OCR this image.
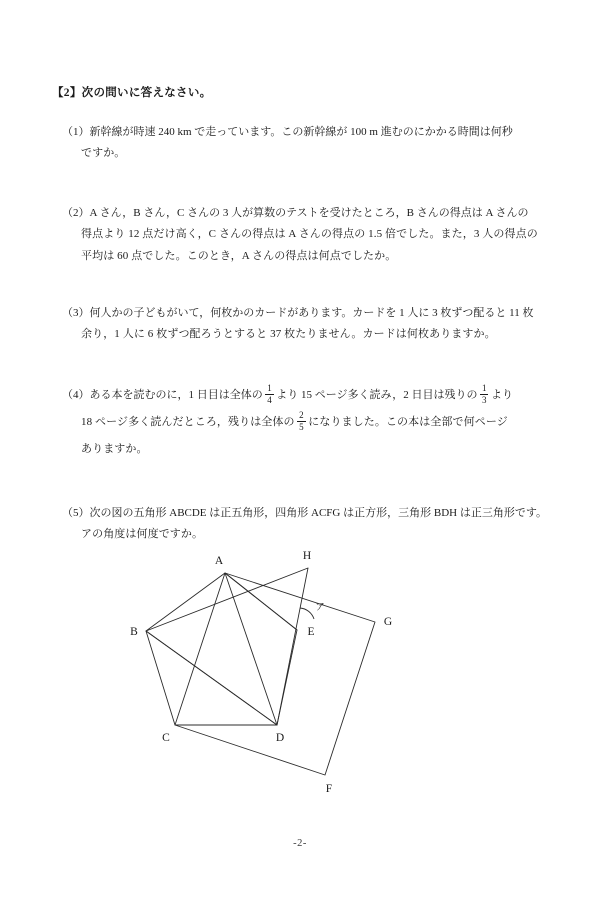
【2】次の問いに答えなさい。
（1）新幹線が時速 240 km で走っています。この新幹線が 100 m 進むのにかかる時間は何秒
ですか。
（2）A さん，B さん，C さんの 3 人が算数のテストを受けたところ，B さんの得点は A さんの
得点より 12 点だけ高く，C さんの得点は A さんの得点の 1.5 倍でした。また，3 人の得点の
平均は 60 点でした。このとき，A さんの得点は何点でしたか。
（3）何人かの子どもがいて，何枚かのカードがあります。カードを 1 人に 3 枚ずつ配ると 11 枚
余り，1 人に 6 枚ずつ配ろうとすると 37 枚たりません。カードは何枚ありますか。
（4）ある本を読むのに，1 日目は全体の $\frac{1}{4}$ より 15 ページ多く読み，2 日目は残りの $\frac{1}{3}$ より
18 ページ多く読んだところ，残りは全体の $\frac{2}{5}$ になりました。この本は全部で何ページ
ありますか。
（5）次の図の五角形 ABCDE は正五角形，四角形 ACFG は正方形，三角形 BDH は正三角形です。
アの角度は何度ですか。
A
B
C	D
E
F
G
H
ア
-2-
